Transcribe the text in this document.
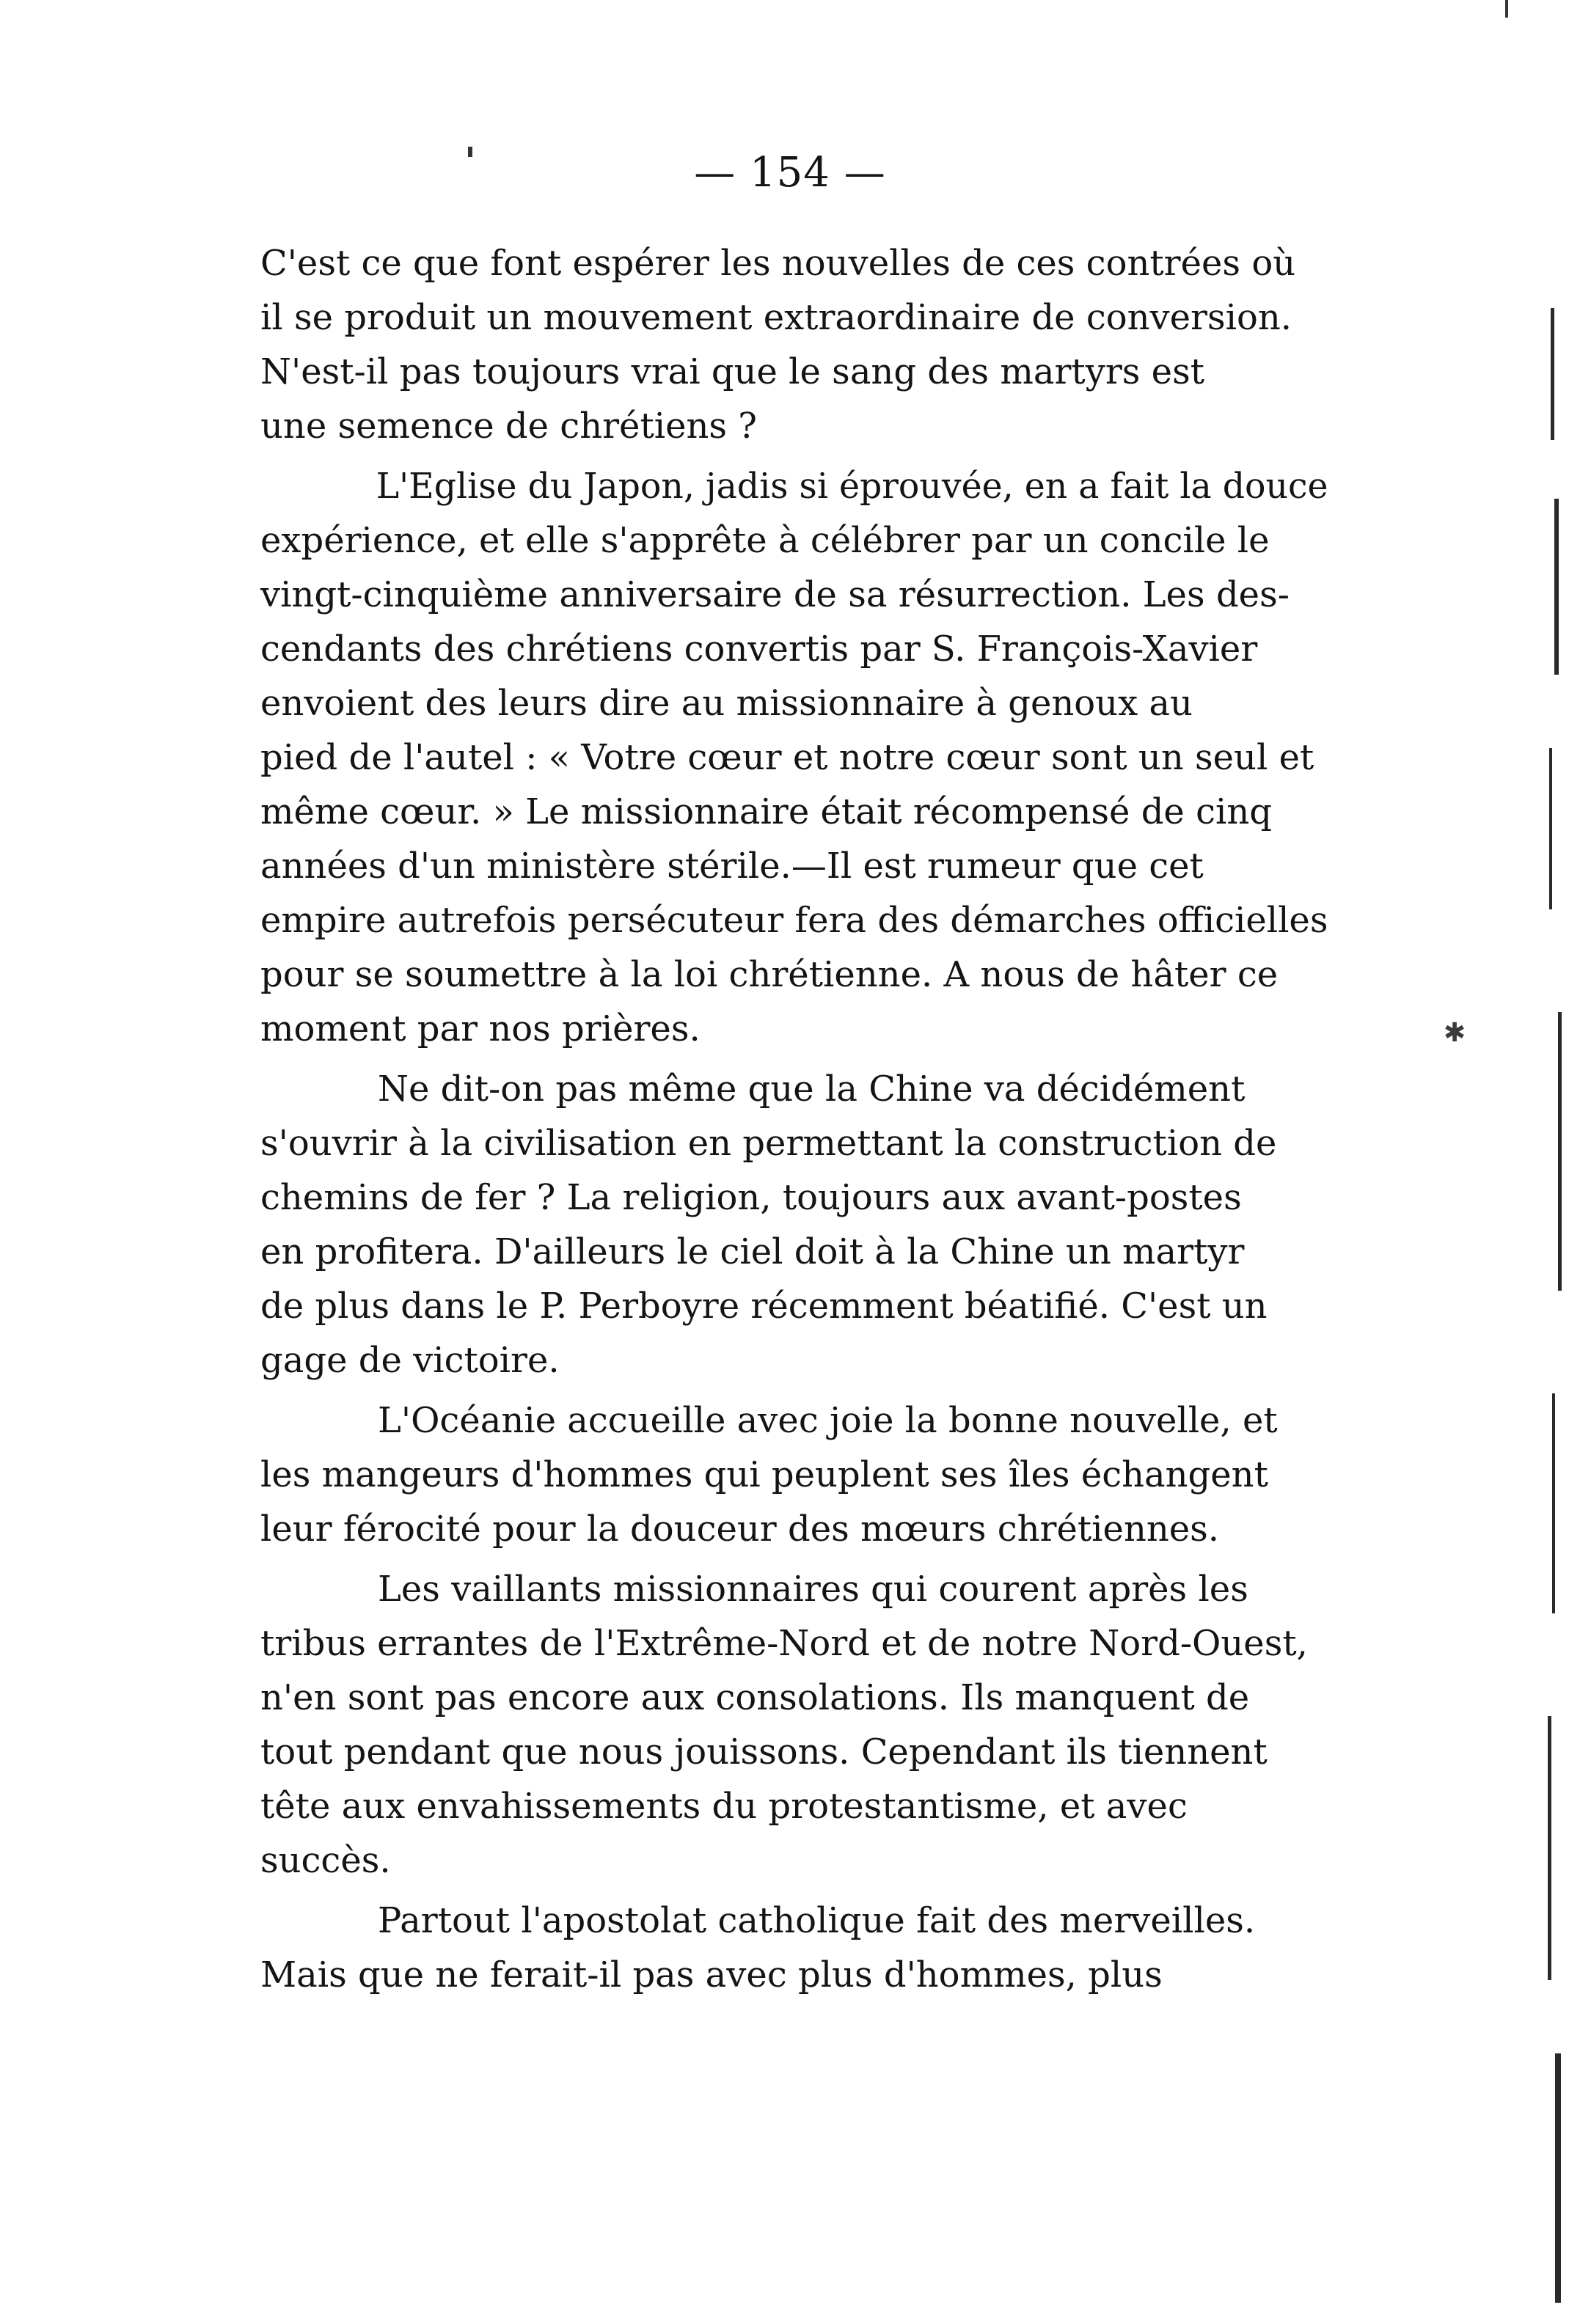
— 154 —
C'est ce que font espérer les nouvelles de ces contrées où
il se produit un mouvement extraordinaire de conversion.
N'est-il pas toujours vrai que le sang des martyrs est
une semence de chrétiens ?
L'Eglise du Japon, jadis si éprouvée, en a fait la douce
expérience, et elle s'apprête à célébrer par un concile le
vingt-cinquième anniversaire de sa résurrection. Les des-
cendants des chrétiens convertis par S. François-Xavier
envoient des leurs dire au missionnaire à genoux au
pied de l'autel : « Votre cœur et notre cœur sont un seul et
même cœur. » Le missionnaire était récompensé de cinq
années d'un ministère stérile.—Il est rumeur que cet
empire autrefois persécuteur fera des démarches officielles
pour se soumettre à la loi chrétienne. A nous de hâter ce
moment par nos prières.
Ne dit-on pas même que la Chine va décidément
s'ouvrir à la civilisation en permettant la construction de
chemins de fer ? La religion, toujours aux avant-postes
en profitera. D'ailleurs le ciel doit à la Chine un martyr
de plus dans le P. Perboyre récemment béatifié. C'est un
gage de victoire.
L'Océanie accueille avec joie la bonne nouvelle, et
les mangeurs d'hommes qui peuplent ses îles échangent
leur férocité pour la douceur des mœurs chrétiennes.
Les vaillants missionnaires qui courent après les
tribus errantes de l'Extrême-Nord et de notre Nord-Ouest,
n'en sont pas encore aux consolations. Ils manquent de
tout pendant que nous jouissons. Cependant ils tiennent
tête aux envahissements du protestantisme, et avec
succès.
Partout l'apostolat catholique fait des merveilles.
Mais que ne ferait-il pas avec plus d'hommes, plus
✱
